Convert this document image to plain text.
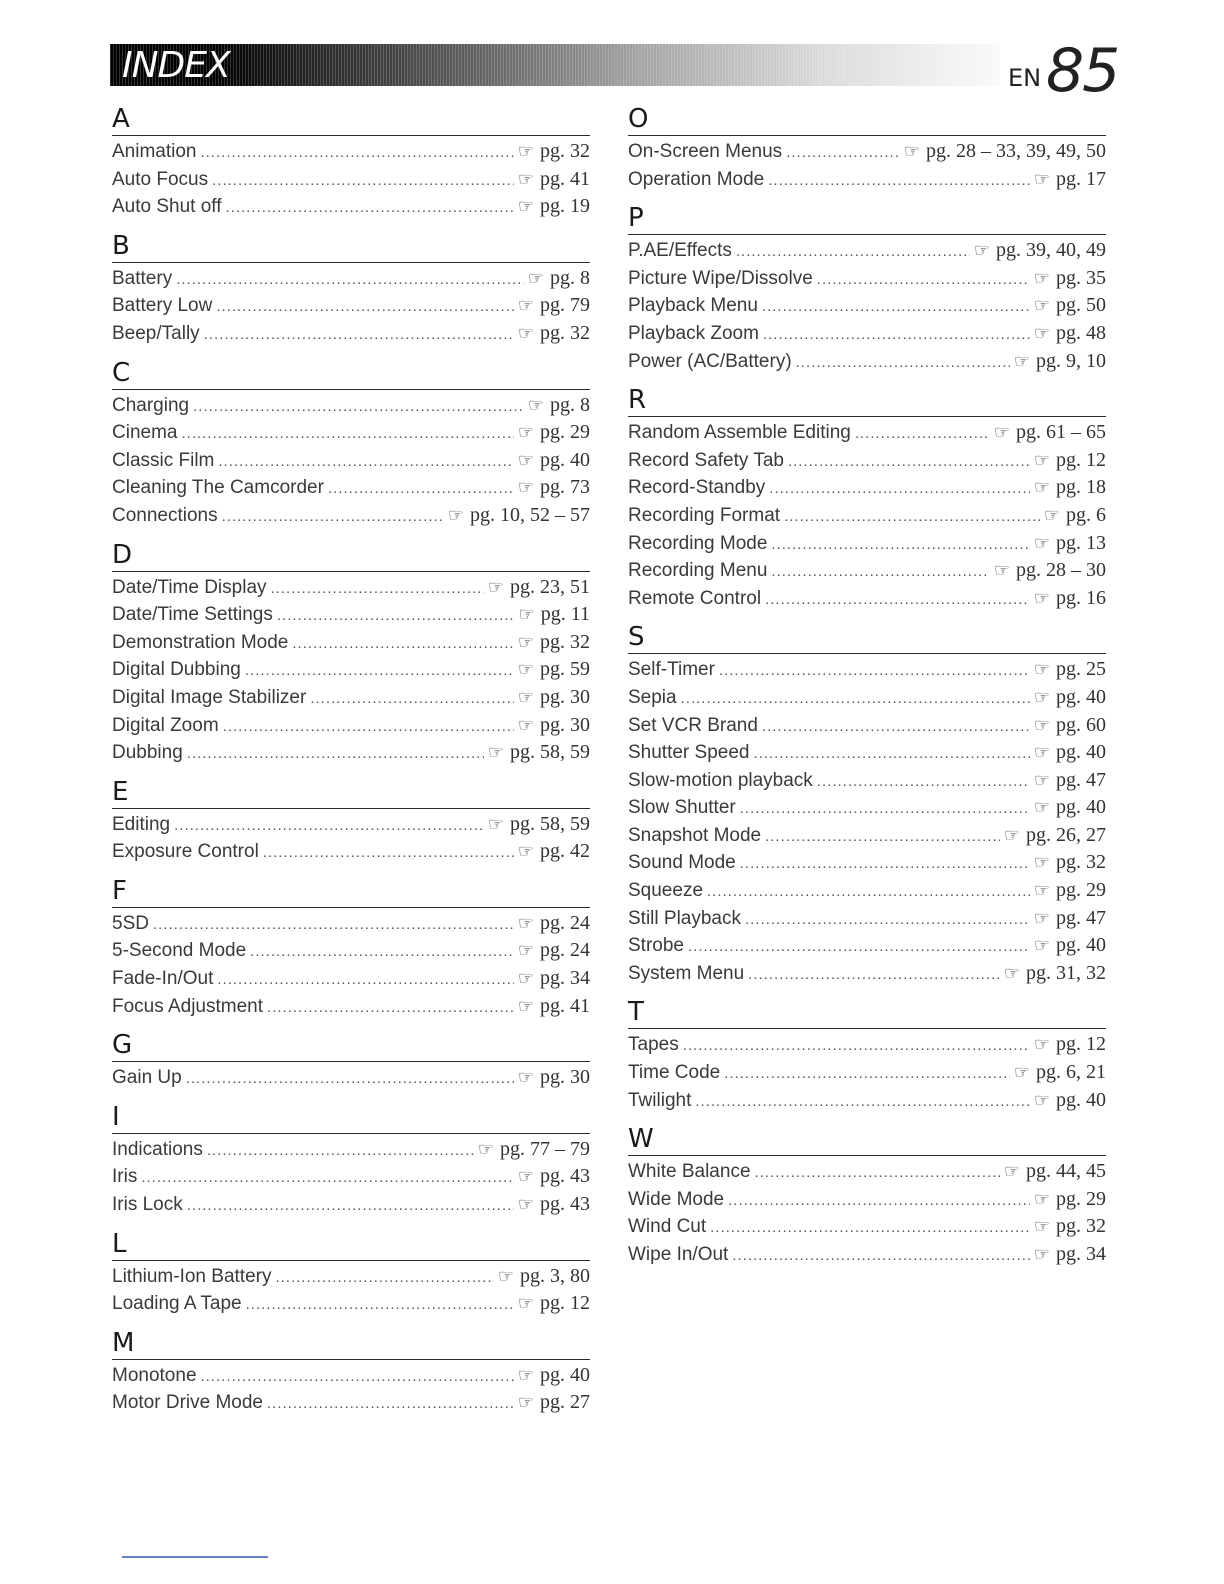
INDEX	EN 85
A
Animation .....	☞ pg. 32
Auto Focus .....	☞ pg. 41
Auto Shut off .....	☞ pg. 19
B
Battery .....	☞ pg. 8
Battery Low .....	☞ pg. 79
Beep/Tally .....	☞ pg. 32
C
Charging .....	☞ pg. 8
Cinema .....	☞ pg. 29
Classic Film .....	☞ pg. 40
Cleaning The Camcorder .....	☞ pg. 73
Connections .....	☞ pg. 10, 52 – 57
D
Date/Time Display .....	☞ pg. 23, 51
Date/Time Settings .....	☞ pg. 11
Demonstration Mode .....	☞ pg. 32
Digital Dubbing .....	☞ pg. 59
Digital Image Stabilizer .....	☞ pg. 30
Digital Zoom .....	☞ pg. 30
Dubbing .....	☞ pg. 58, 59
E
Editing .....	☞ pg. 58, 59
Exposure Control .....	☞ pg. 42
F
5SD .....	☞ pg. 24
5-Second Mode .....	☞ pg. 24
Fade-In/Out .....	☞ pg. 34
Focus Adjustment .....	☞ pg. 41
G
Gain Up .....	☞ pg. 30
I
Indications .....	☞ pg. 77 – 79
Iris .....	☞ pg. 43
Iris Lock .....	☞ pg. 43
L
Lithium-Ion Battery .....	☞ pg. 3, 80
Loading A Tape .....	☞ pg. 12
M
Monotone .....	☞ pg. 40
Motor Drive Mode .....	☞ pg. 27
O
On-Screen Menus .....	☞ pg. 28 – 33, 39, 49, 50
Operation Mode .....	☞ pg. 17
P
P.AE/Effects .....	☞ pg. 39, 40, 49
Picture Wipe/Dissolve .....	☞ pg. 35
Playback Menu .....	☞ pg. 50
Playback Zoom .....	☞ pg. 48
Power (AC/Battery) .....	☞ pg. 9, 10
R
Random Assemble Editing .....	☞ pg. 61 – 65
Record Safety Tab .....	☞ pg. 12
Record-Standby .....	☞ pg. 18
Recording Format .....	☞ pg. 6
Recording Mode .....	☞ pg. 13
Recording Menu .....	☞ pg. 28 – 30
Remote Control .....	☞ pg. 16
S
Self-Timer .....	☞ pg. 25
Sepia .....	☞ pg. 40
Set VCR Brand .....	☞ pg. 60
Shutter Speed .....	☞ pg. 40
Slow-motion playback .....	☞ pg. 47
Slow Shutter .....	☞ pg. 40
Snapshot Mode .....	☞ pg. 26, 27
Sound Mode .....	☞ pg. 32
Squeeze .....	☞ pg. 29
Still Playback .....	☞ pg. 47
Strobe .....	☞ pg. 40
System Menu .....	☞ pg. 31, 32
T
Tapes .....	☞ pg. 12
Time Code .....	☞ pg. 6, 21
Twilight .....	☞ pg. 40
W
White Balance .....	☞ pg. 44, 45
Wide Mode .....	☞ pg. 29
Wind Cut .....	☞ pg. 32
Wipe In/Out .....	☞ pg. 34
